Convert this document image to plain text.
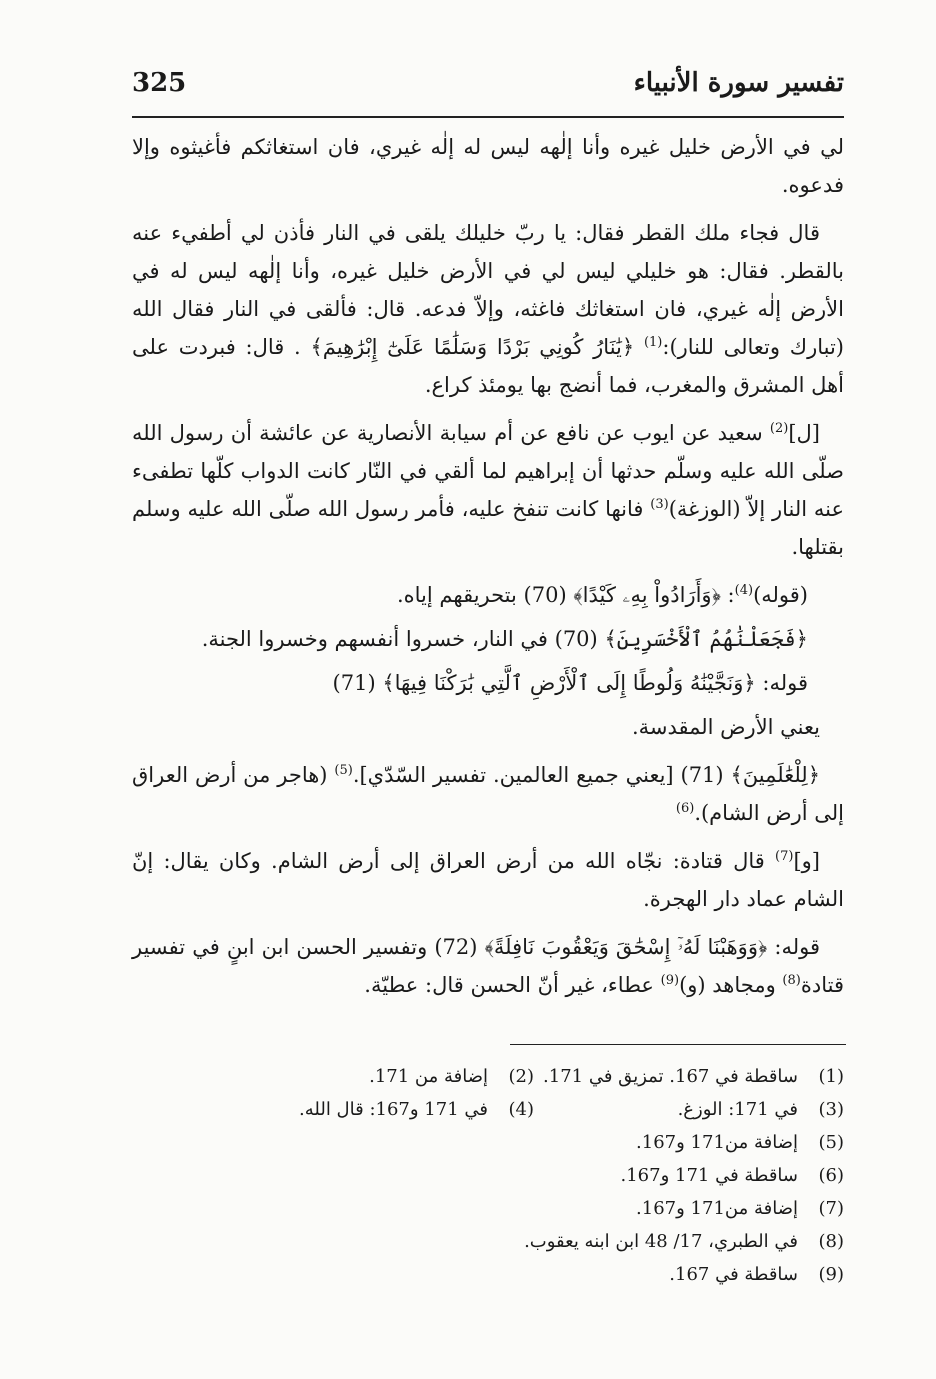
325	تفسير سورة الأنبياء

لي في الأرض خليل غيره وأنا إلٰهه ليس له إلٰه غيري، فان استغاثكم فأغيثوه وإلا فدعوه.

قال فجاء ملك القطر فقال: يا ربّ خليلك يلقى في النار فأذن لي أطفيء عنه بالقطر. فقال: هو خليلي ليس لي في الأرض خليل غيره، وأنا إلٰهه ليس له في الأرض إلٰه غيري، فان استغاثك فاغثه، وإلاّ فدعه. قال: فألقى في النار فقال الله (تبارك وتعالى للنار):$^{(1)}$ ﴿يَٰنَارُ كُونِي بَرْدًا وَسَلَٰمًا عَلَىٰٓ إِبْرَٰهِيمَ﴾ . قال: فبردت على أهل المشرق والمغرب، فما أنضج بها يومئذ كراع.

[ل]$^{(2)}$ سعيد عن ايوب عن نافع عن أم سيابة الأنصارية عن عائشة أن رسول الله صلّى الله عليه وسلّم حدثها أن إبراهيم لما ألقي في النّار كانت الدواب كلّها تطفىء عنه النار إلاّ (الوزغة)$^{(3)}$ فانها كانت تنفخ عليه، فأمر رسول الله صلّى الله عليه وسلم بقتلها.

(قوله)$^{(4)}$: ﴿وَأَرَادُواْ بِهِۦ كَيْدًا﴾ (70) بتحريقهم إياه.

﴿فَجَعَلْنَٰهُمُ ٱلْأَخْسَرِينَ﴾ (70) في النار، خسروا أنفسهم وخسروا الجنة.

قوله: ﴿وَنَجَّيْنَٰهُ وَلُوطًا إِلَى ٱلْأَرْضِ ٱلَّتِي بَٰرَكْنَا فِيهَا﴾ (71)

يعني الأرض المقدسة.

﴿لِلْعَٰلَمِينَ﴾ (71) [يعني جميع العالمين. تفسير السّدّي].$^{(5)}$ (هاجر من أرض العراق إلى أرض الشام).$^{(6)}$

[و]$^{(7)}$ قال قتادة: نجّاه الله من أرض العراق إلى أرض الشام. وكان يقال: إنّ الشام عماد دار الهجرة.

قوله: ﴿وَوَهَبْنَا لَهُۥٓ إِسْحَٰقَ وَيَعْقُوبَ نَافِلَةً﴾ (72) وتفسير الحسن ابن ابنٍ في تفسير قتادة$^{(8)}$ ومجاهد (و)$^{(9)}$ عطاء، غير أنّ الحسن قال: عطيّة.

(1)
ساقطة في 167. تمزيق في 171.
(2)
إضافة من 171.
(3)
في 171: الوزغ.
(4)
في 171 و167: قال الله.
(5)
إضافة من171 و167.
(6)
ساقطة في 171 و167.
(7)
إضافة من171 و167.
(8)
في الطبري، 17/ 48 ابن ابنه يعقوب.
(9)
ساقطة في 167.
